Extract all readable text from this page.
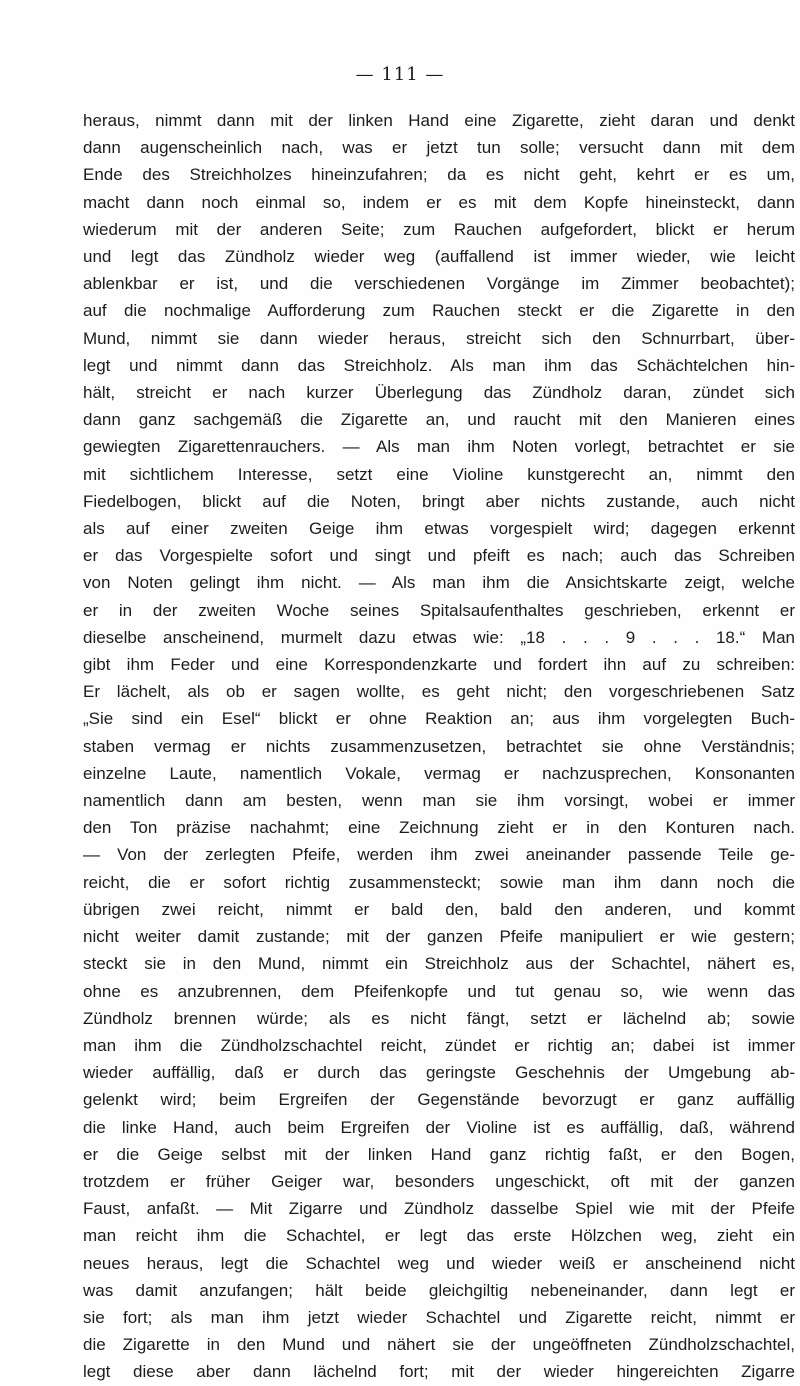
— 111 —
heraus, nimmt dann mit der linken Hand eine Zigarette, zieht daran und denkt
dann augenscheinlich nach, was er jetzt tun solle; versucht dann mit dem
Ende des Streichholzes hineinzufahren; da es nicht geht, kehrt er es um,
macht dann noch einmal so, indem er es mit dem Kopfe hineinsteckt, dann
wiederum mit der anderen Seite; zum Rauchen aufgefordert, blickt er herum
und legt das Zündholz wieder weg (auffallend ist immer wieder, wie leicht
ablenkbar er ist, und die verschiedenen Vorgänge im Zimmer beobachtet);
auf die nochmalige Aufforderung zum Rauchen steckt er die Zigarette in den
Mund, nimmt sie dann wieder heraus, streicht sich den Schnurrbart, über-
legt und nimmt dann das Streichholz. Als man ihm das Schächtelchen hin-
hält, streicht er nach kurzer Überlegung das Zündholz daran, zündet sich
dann ganz sachgemäß die Zigarette an, und raucht mit den Manieren eines
gewiegten Zigarettenrauchers. — Als man ihm Noten vorlegt, betrachtet er sie
mit sichtlichem Interesse, setzt eine Violine kunstgerecht an, nimmt den
Fiedelbogen, blickt auf die Noten, bringt aber nichts zustande, auch nicht
als auf einer zweiten Geige ihm etwas vorgespielt wird; dagegen erkennt
er das Vorgespielte sofort und singt und pfeift es nach; auch das Schreiben
von Noten gelingt ihm nicht. — Als man ihm die Ansichtskarte zeigt, welche
er in der zweiten Woche seines Spitalsaufenthaltes geschrieben, erkennt er
dieselbe anscheinend, murmelt dazu etwas wie: „18 . . . 9 . . . 18.“ Man
gibt ihm Feder und eine Korrespondenzkarte und fordert ihn auf zu schreiben:
Er lächelt, als ob er sagen wollte, es geht nicht; den vorgeschriebenen Satz
„Sie sind ein Esel“ blickt er ohne Reaktion an; aus ihm vorgelegten Buch-
staben vermag er nichts zusammenzusetzen, betrachtet sie ohne Verständnis;
einzelne Laute, namentlich Vokale, vermag er nachzusprechen, Konsonanten
namentlich dann am besten, wenn man sie ihm vorsingt, wobei er immer
den Ton präzise nachahmt; eine Zeichnung zieht er in den Konturen nach.
— Von der zerlegten Pfeife, werden ihm zwei aneinander passende Teile ge-
reicht, die er sofort richtig zusammensteckt; sowie man ihm dann noch die
übrigen zwei reicht, nimmt er bald den, bald den anderen, und kommt
nicht weiter damit zustande; mit der ganzen Pfeife manipuliert er wie gestern;
steckt sie in den Mund, nimmt ein Streichholz aus der Schachtel, nähert es,
ohne es anzubrennen, dem Pfeifenkopfe und tut genau so, wie wenn das
Zündholz brennen würde; als es nicht fängt, setzt er lächelnd ab; sowie
man ihm die Zündholzschachtel reicht, zündet er richtig an; dabei ist immer
wieder auffällig, daß er durch das geringste Geschehnis der Umgebung ab-
gelenkt wird; beim Ergreifen der Gegenstände bevorzugt er ganz auffällig
die linke Hand, auch beim Ergreifen der Violine ist es auffällig, daß, während
er die Geige selbst mit der linken Hand ganz richtig faßt, er den Bogen,
trotzdem er früher Geiger war, besonders ungeschickt, oft mit der ganzen
Faust, anfaßt. — Mit Zigarre und Zündholz dasselbe Spiel wie mit der Pfeife
man reicht ihm die Schachtel, er legt das erste Hölzchen weg, zieht ein
neues heraus, legt die Schachtel weg und wieder weiß er anscheinend nicht
was damit anzufangen; hält beide gleichgiltig nebeneinander, dann legt er
sie fort; als man ihm jetzt wieder Schachtel und Zigarette reicht, nimmt er
die Zigarette in den Mund und nähert sie der ungeöffneten Zündholzschachtel,
legt diese aber dann lächelnd fort; mit der wieder hingereichten Zigarre
